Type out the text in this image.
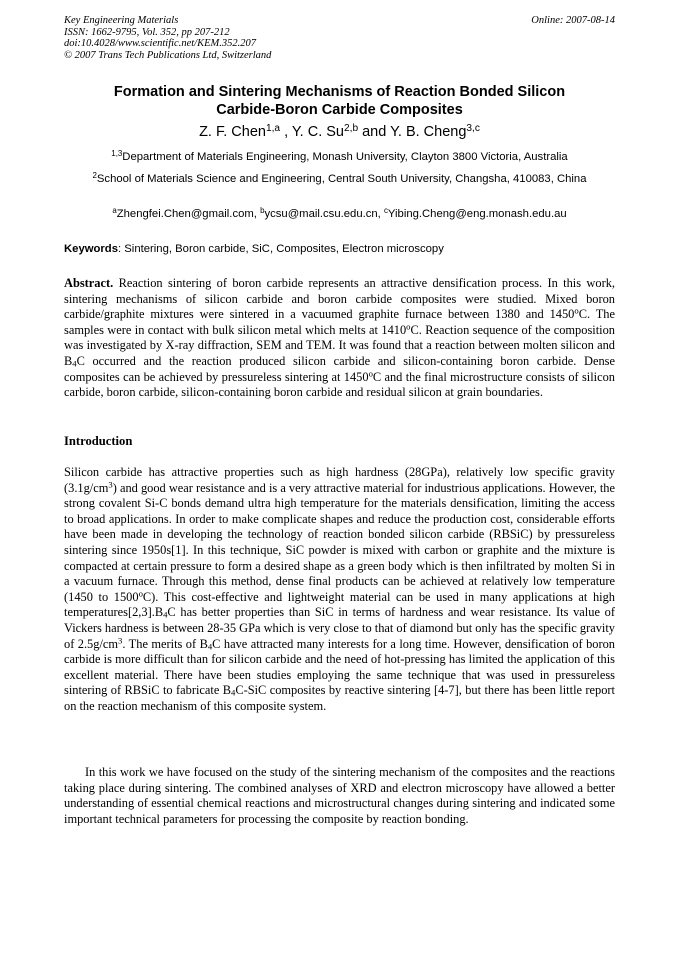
Key Engineering Materials
ISSN: 1662-9795, Vol. 352, pp 207-212
doi:10.4028/www.scientific.net/KEM.352.207
© 2007 Trans Tech Publications Ltd, Switzerland
Online: 2007-08-14
Formation and Sintering Mechanisms of Reaction Bonded Silicon
Carbide-Boron Carbide Composites
Z. F. Chen$^{1,a}$ , Y. C. Su$^{2,b}$ and Y. B. Cheng$^{3,c}$
$^{1,3}$Department of Materials Engineering, Monash University, Clayton 3800 Victoria, Australia
$^2$School of Materials Science and Engineering, Central South University, Changsha, 410083, China
$^a$Zhengfei.Chen@gmail.com, $^b$ycsu@mail.csu.edu.cn, $^c$Yibing.Cheng@eng.monash.edu.au
Keywords: Sintering, Boron carbide, SiC, Composites, Electron microscopy
Abstract. Reaction sintering of boron carbide represents an attractive densification process. In this work, sintering mechanisms of silicon carbide and boron carbide composites were studied. Mixed boron carbide/graphite mixtures were sintered in a vacuumed graphite furnace between 1380 and 1450$^o$C. The samples were in contact with bulk silicon metal which melts at 1410$^o$C. Reaction sequence of the composition was investigated by X-ray diffraction, SEM and TEM. It was found that a reaction between molten silicon and $B_4C$ occurred and the reaction produced silicon carbide and silicon-containing boron carbide. Dense composites can be achieved by pressureless sintering at 1450$^o$C and the final microstructure consists of silicon carbide, boron carbide, silicon-containing boron carbide and residual silicon at grain boundaries.
Introduction
Silicon carbide has attractive properties such as high hardness (28GPa), relatively low specific gravity $(3.1g/cm^3)$ and good wear resistance and is a very attractive material for industrious applications. However, the strong covalent Si-C bonds demand ultra high temperature for the materials densification, limiting the access to broad applications. In order to make complicate shapes and reduce the production cost, considerable efforts have been made in developing the technology of reaction bonded silicon carbide (RBSiC) by pressureless sintering since 1950s[1]. In this technique, SiC powder is mixed with carbon or graphite and the mixture is compacted at certain pressure to form a desired shape as a green body which is then infiltrated by molten Si in a vacuum furnace. Through this method, dense final products can be achieved at relatively low temperature (1450 to 1500$^o$C). This cost-effective and lightweight material can be used in many applications at high $temperatures[2,3].B_4C$ has better properties than SiC in terms of hardness and wear resistance. Its value of Vickers hardness is between 28-35 GPa which is very close to that of diamond but only has the specific gravity of $2.5g/cm^3$. The merits of $B_4C$ have attracted many interests for a long time. However, densification of boron carbide is more difficult than for silicon carbide and the need of hot-pressing has limited the application of this excellent material. There have been studies employing the same technique that was used in pressureless sintering of RBSiC to fabricate $B_4C$-SiC composites by reactive sintering [4-7], but there has been little report on the reaction mechanism of this composite system.
In this work we have focused on the study of the sintering mechanism of the composites and the reactions taking place during sintering. The combined analyses of XRD and electron microscopy have allowed a better understanding of essential chemical reactions and microstructural changes during sintering and indicated some important technical parameters for processing the composite by reaction bonding.
